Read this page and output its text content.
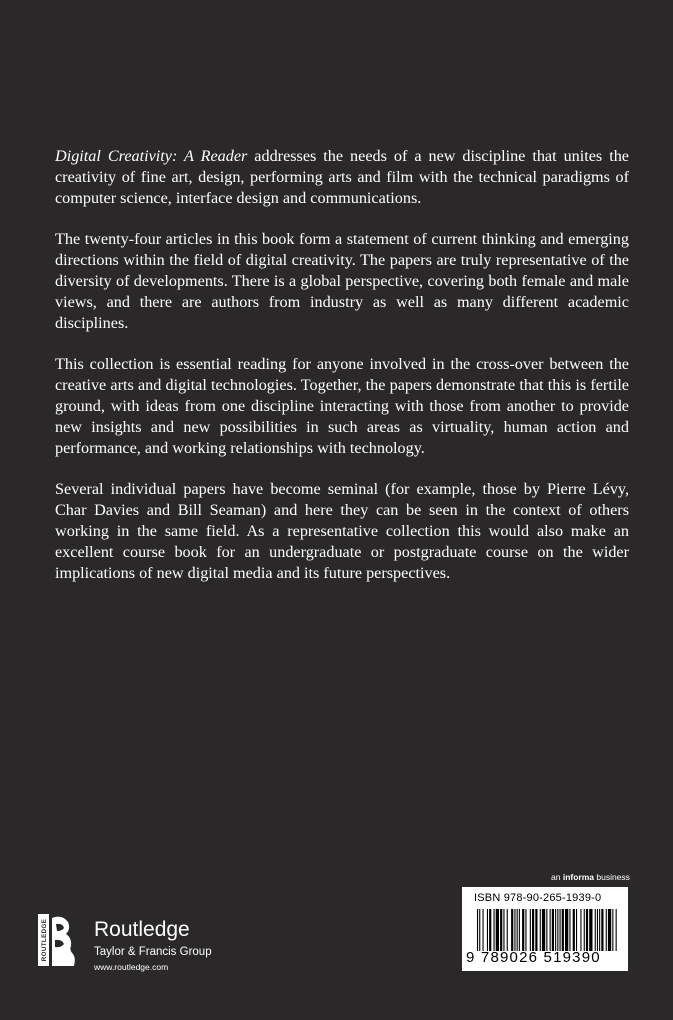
Digital Creativity: A Reader addresses the needs of a new discipline that unites the creativity of fine art, design, performing arts and film with the technical paradigms of computer science, interface design and communications.

The twenty-four articles in this book form a statement of current thinking and emerging directions within the field of digital creativity. The papers are truly representative of the diversity of developments. There is a global perspective, covering both female and male views, and there are authors from industry as well as many different academic disciplines.

This collection is essential reading for anyone involved in the cross-over between the creative arts and digital technologies. Together, the papers demonstrate that this is fertile ground, with ideas from one discipline interacting with those from another to provide new insights and new possibilities in such areas as virtuality, human action and performance, and working relationships with technology.

Several individual papers have become seminal (for example, those by Pierre Lévy, Char Davies and Bill Seaman) and here they can be seen in the context of others working in the same field. As a representative collection this would also make an excellent course book for an undergraduate or postgraduate course on the wider implications of new digital media and its future perspectives.

an informa business
ISBN 978-90-265-1939-0
9 789026 519390
ROUTLEDGE Routledge
Taylor & Francis Group
www.routledge.com
